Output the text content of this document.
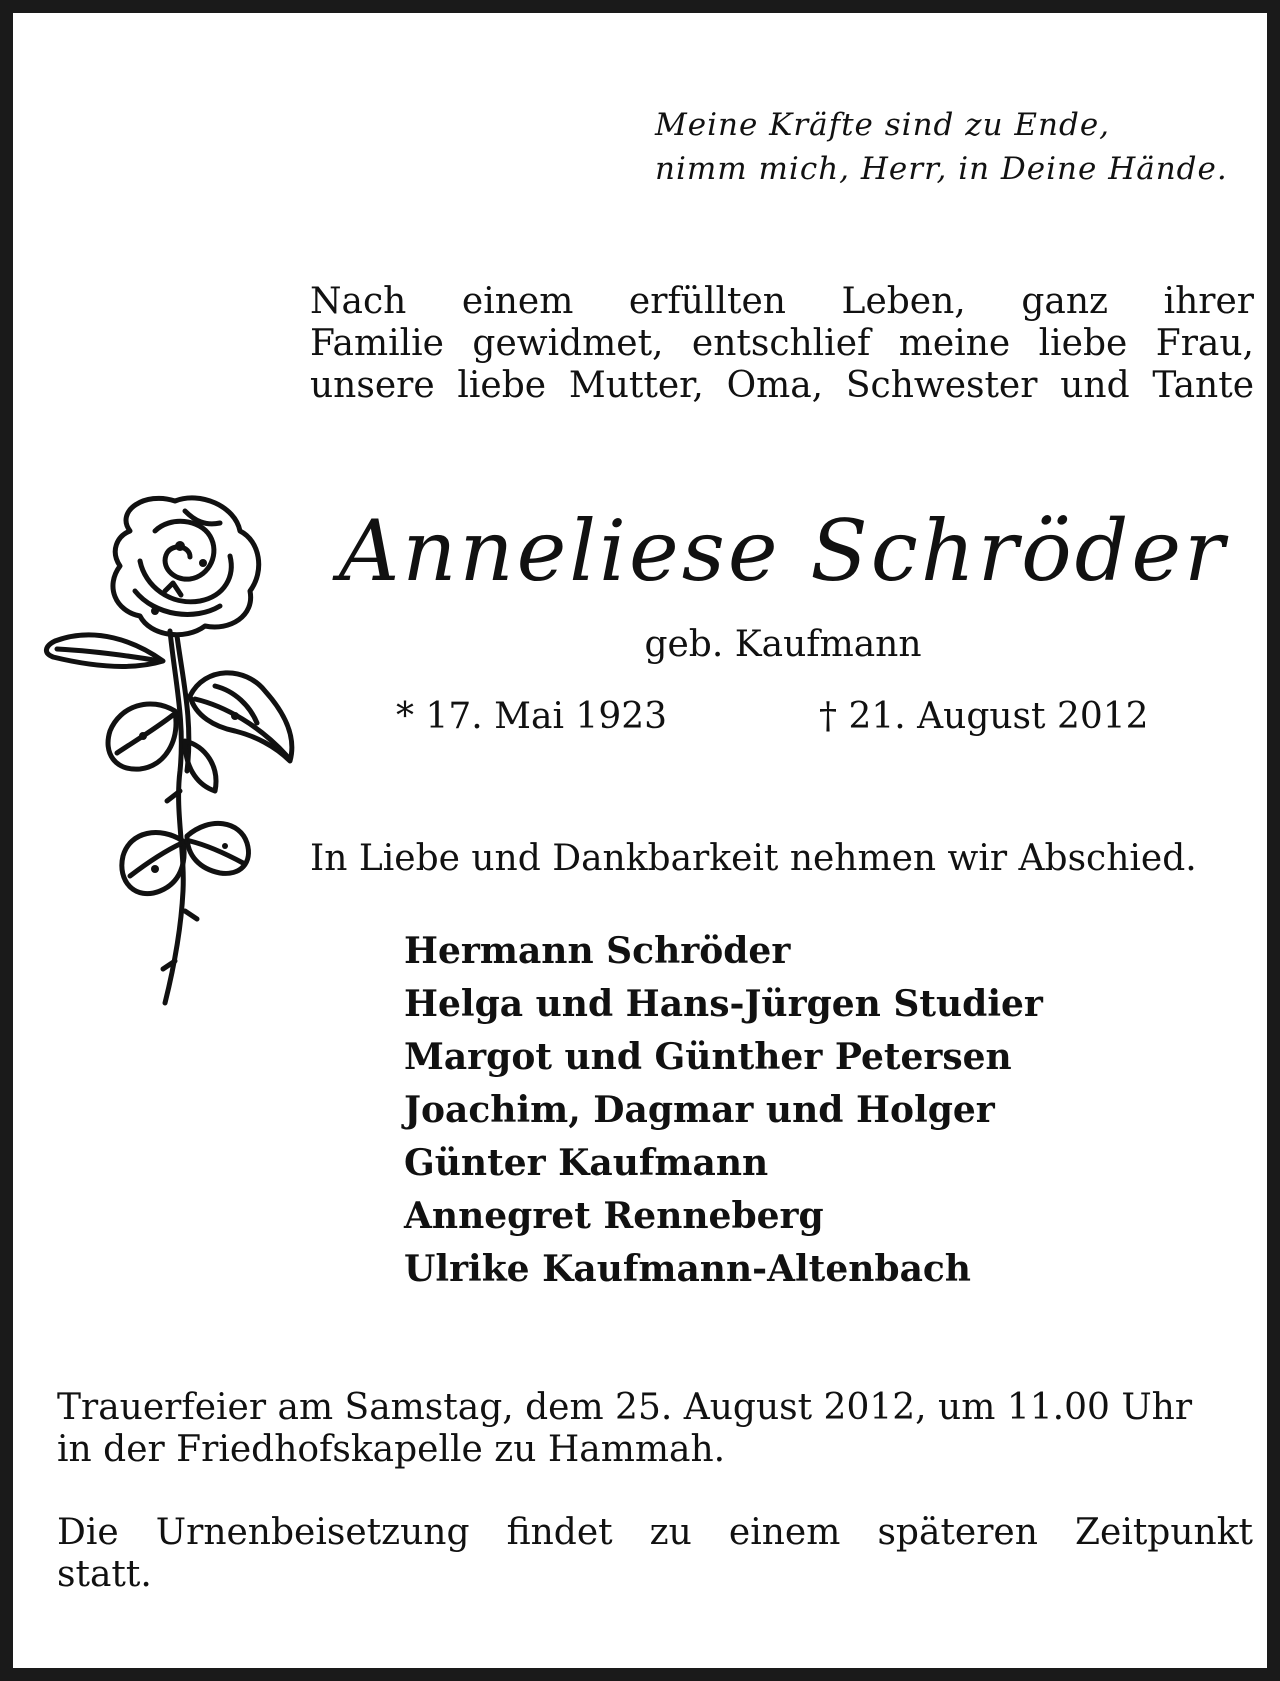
Meine Kräfte sind zu Ende,
nimm mich, Herr, in Deine Hände.
Nach einem erfüllten Leben, ganz ihrer
Familie gewidmet, entschlief meine liebe Frau,
unsere liebe Mutter, Oma, Schwester und Tante
Anneliese Schröder
geb. Kaufmann
* 17. Mai 1923	† 21. August 2012
In Liebe und Dankbarkeit nehmen wir Abschied.
Hermann Schröder
Helga und Hans-Jürgen Studier
Margot und Günther Petersen
Joachim, Dagmar und Holger
Günter Kaufmann
Annegret Renneberg
Ulrike Kaufmann-Altenbach
Trauerfeier am Samstag, dem 25. August 2012, um 11.00 Uhr
in der Friedhofskapelle zu Hammah.
Die Urnenbeisetzung findet zu einem späteren Zeitpunkt
statt.
